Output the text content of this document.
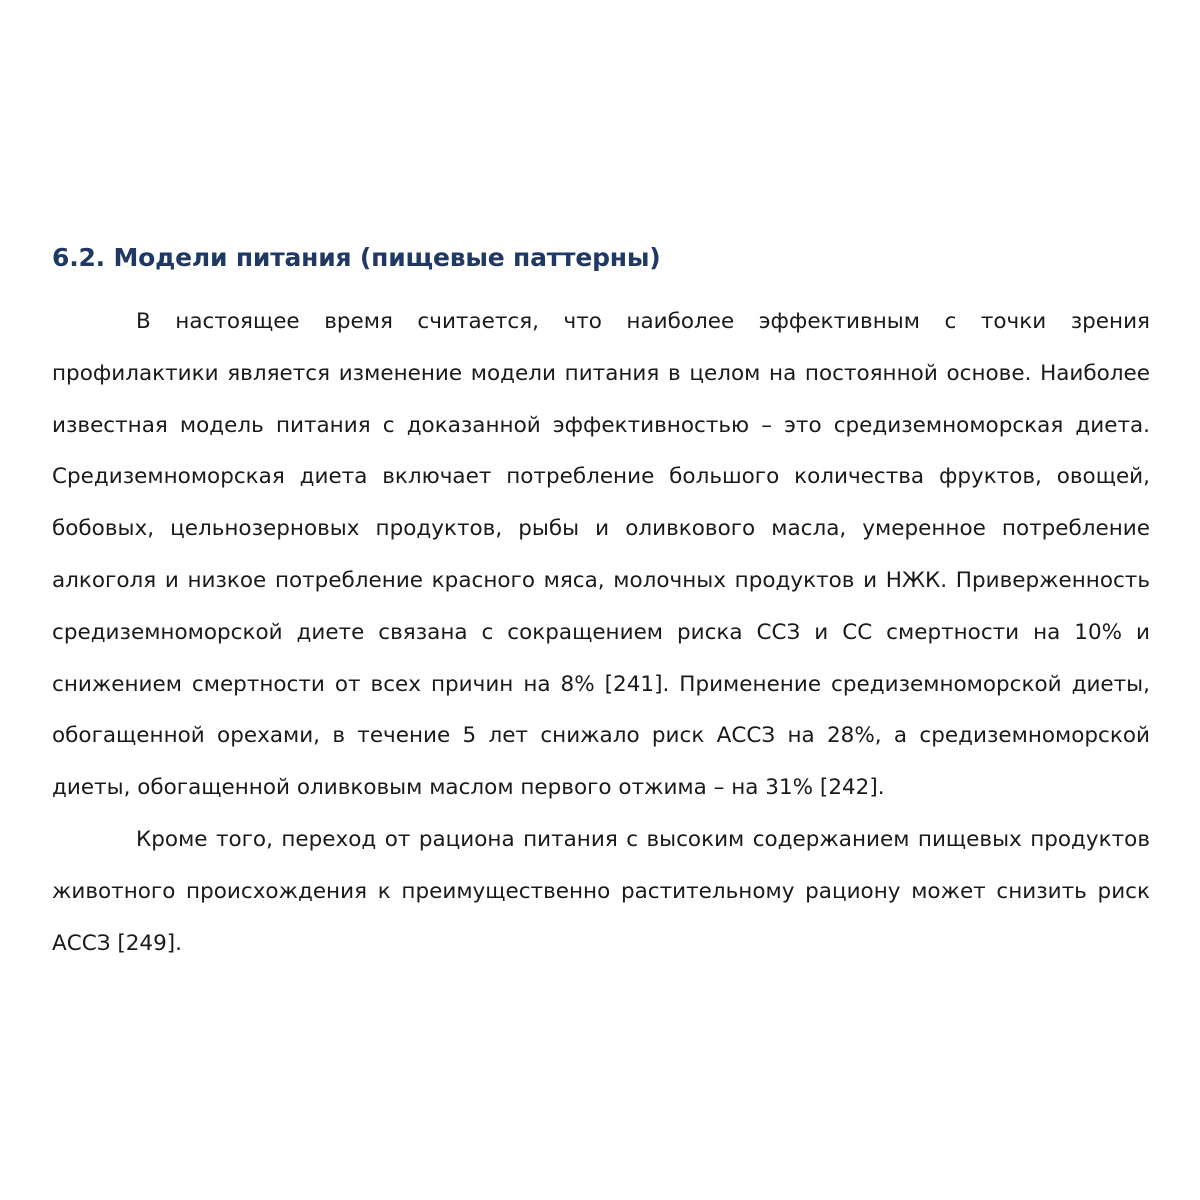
6.2. Модели питания (пищевые паттерны)

В настоящее время считается, что наиболее эффективным с точки зрения профилактики является изменение модели питания в целом на постоянной основе. Наиболее известная модель питания с доказанной эффективностью – это средиземноморская диета. Средиземноморская диета включает потребление большого количества фруктов, овощей, бобовых, цельнозерновых продуктов, рыбы и оливкового масла, умеренное потребление алкоголя и низкое потребление красного мяса, молочных продуктов и НЖК. Приверженность средиземноморской диете связана с сокращением риска ССЗ и СС смертности на 10% и снижением смертности от всех причин на 8% [241]. Применение средиземноморской диеты, обогащенной орехами, в течение 5 лет снижало риск АССЗ на 28%, а средиземноморской диеты, обогащенной оливковым маслом первого отжима – на 31% [242].

Кроме того, переход от рациона питания с высоким содержанием пищевых продуктов животного происхождения к преимущественно растительному рациону может снизить риск АССЗ [249].
